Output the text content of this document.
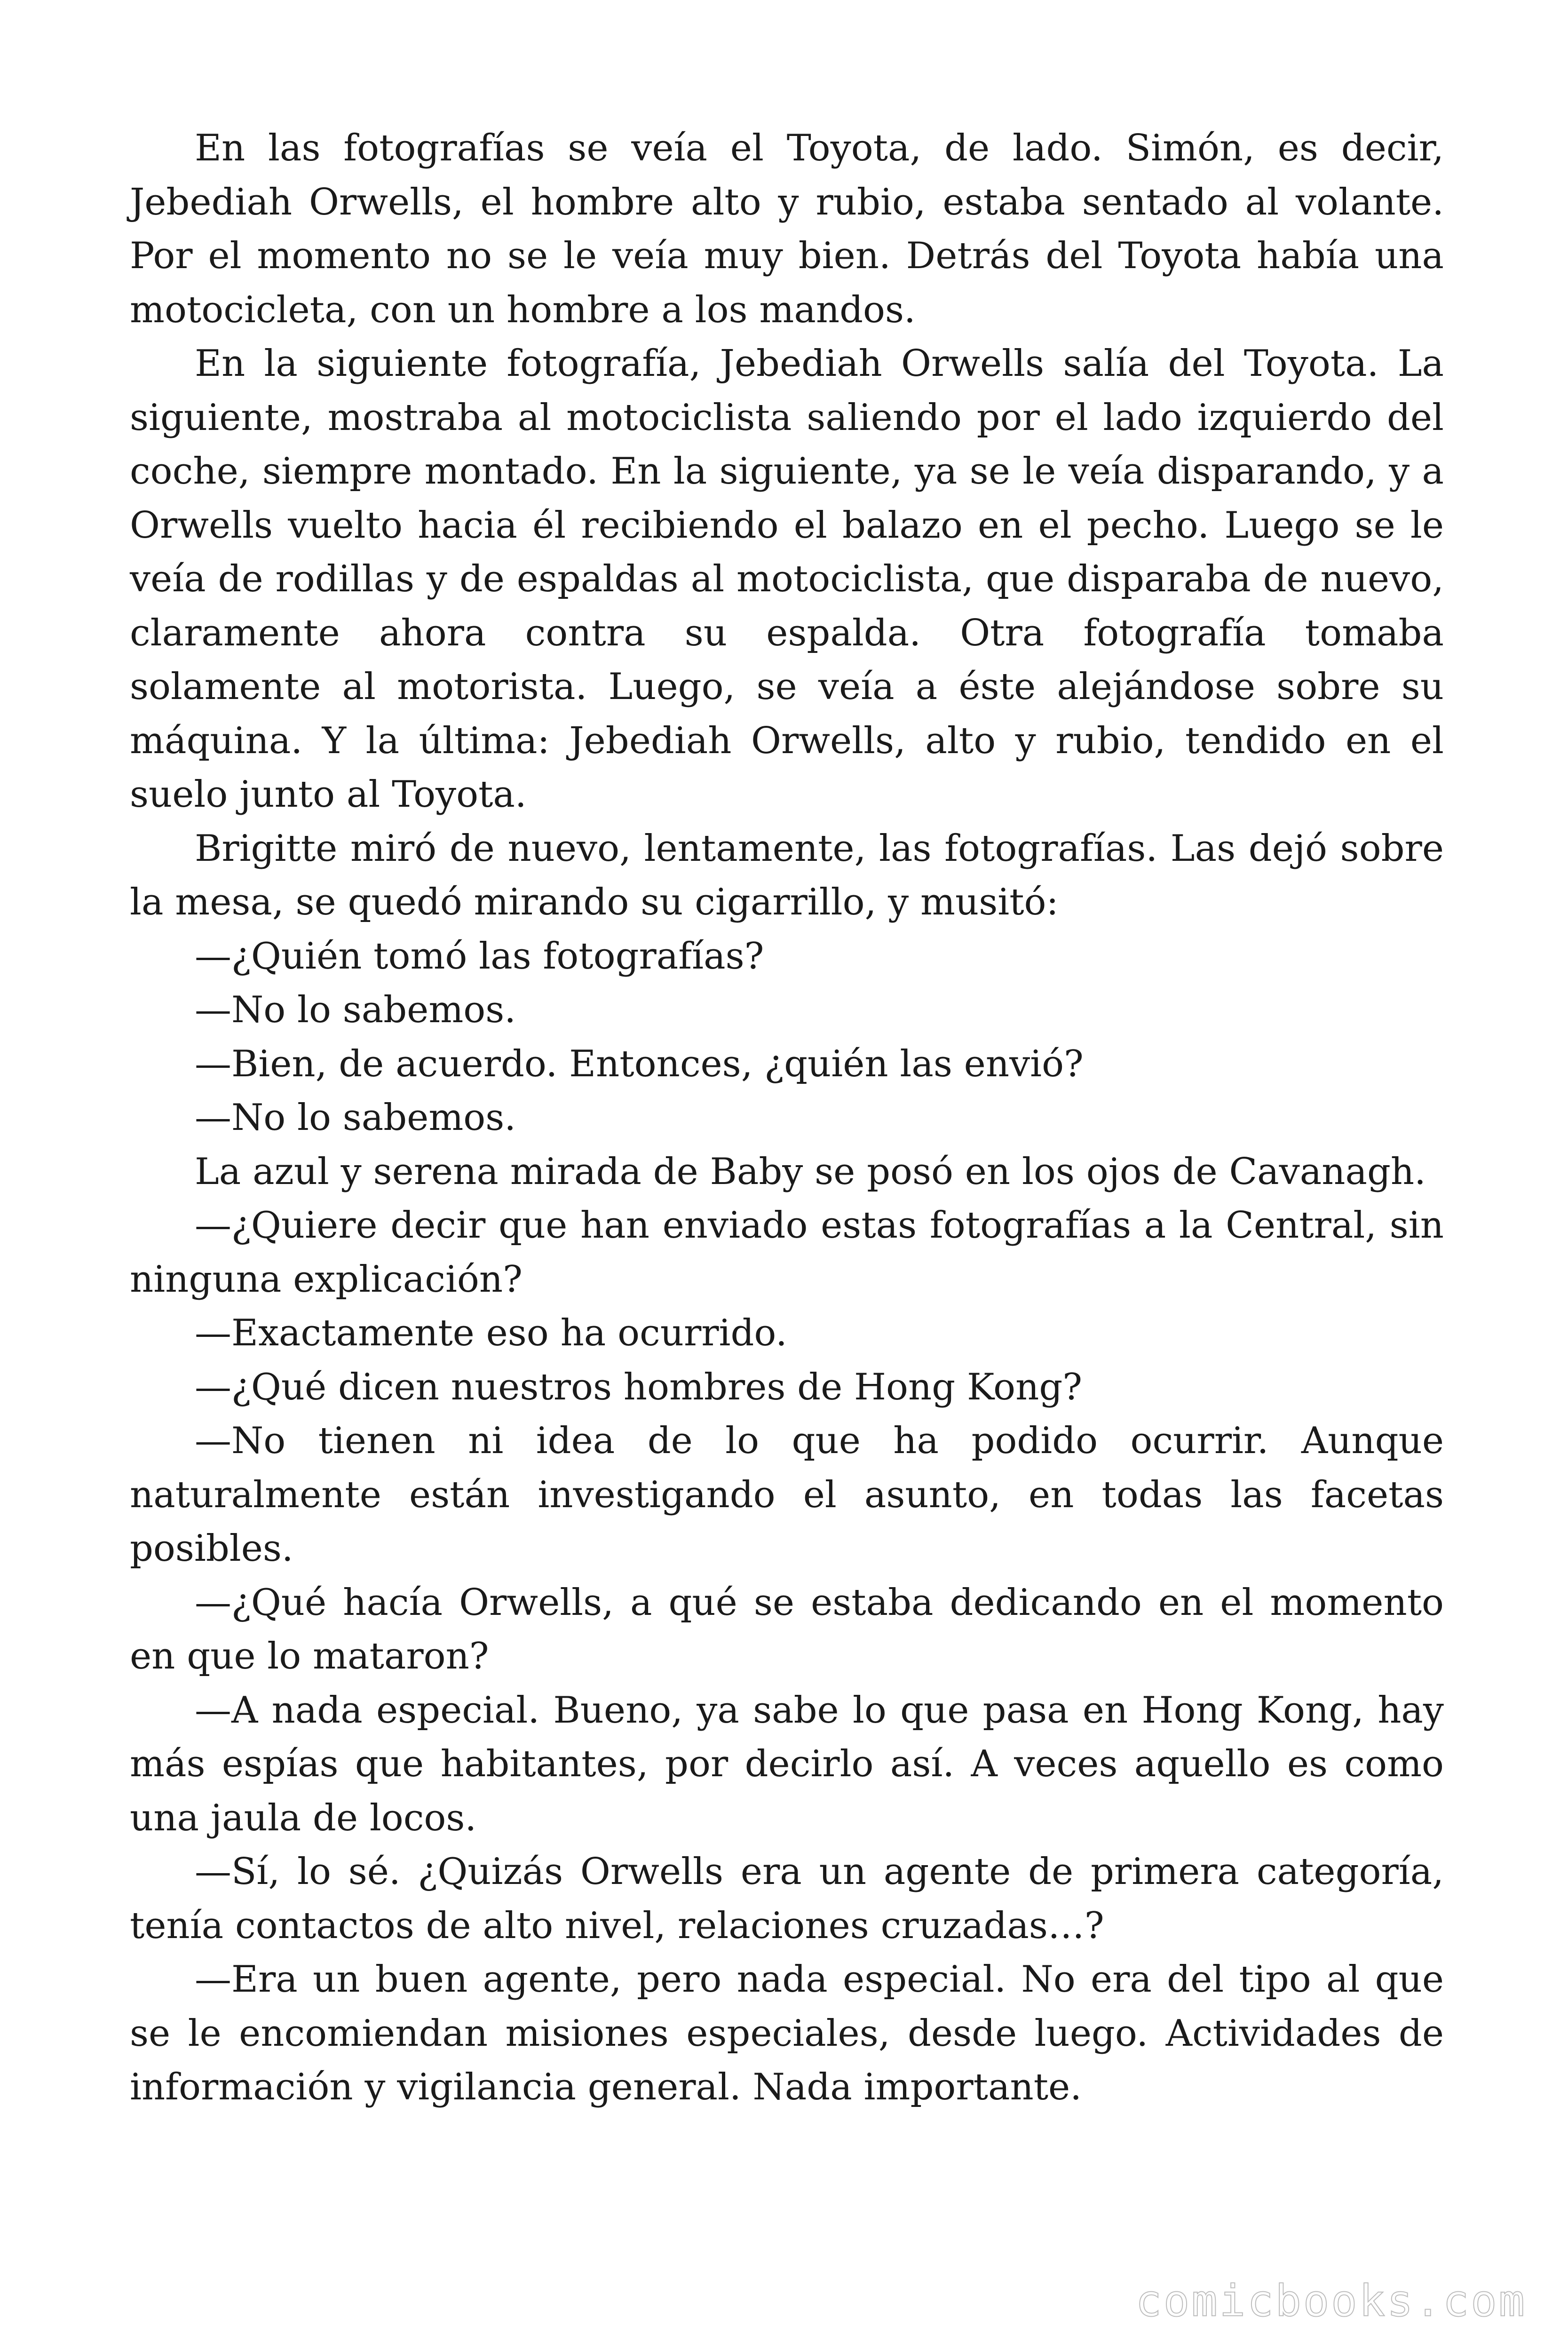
En las fotografías se veía el Toyota, de lado. Simón, es decir, Jebediah Orwells, el hombre alto y rubio, estaba sentado al volante. Por el momento no se le veía muy bien. Detrás del Toyota había una motocicleta, con un hombre a los mandos.

En la siguiente fotografía, Jebediah Orwells salía del Toyota. La siguiente, mostraba al motociclista saliendo por el lado izquierdo del coche, siempre montado. En la siguiente, ya se le veía disparando, y a Orwells vuelto hacia él recibiendo el balazo en el pecho. Luego se le veía de rodillas y de espaldas al motociclista, que disparaba de nuevo, claramente ahora contra su espalda. Otra fotografía tomaba solamente al motorista. Luego, se veía a éste alejándose sobre su máquina. Y la última: Jebediah Orwells, alto y rubio, tendido en el suelo junto al Toyota.

Brigitte miró de nuevo, lentamente, las fotografías. Las dejó sobre la mesa, se quedó mirando su cigarrillo, y musitó:

—¿Quién tomó las fotografías?

—No lo sabemos.

—Bien, de acuerdo. Entonces, ¿quién las envió?

—No lo sabemos.

La azul y serena mirada de Baby se posó en los ojos de Cavanagh.

—¿Quiere decir que han enviado estas fotografías a la Central, sin ninguna explicación?

—Exactamente eso ha ocurrido.

—¿Qué dicen nuestros hombres de Hong Kong?

—No tienen ni idea de lo que ha podido ocurrir. Aunque naturalmente están investigando el asunto, en todas las facetas posibles.

—¿Qué hacía Orwells, a qué se estaba dedicando en el momento en que lo mataron?

—A nada especial. Bueno, ya sabe lo que pasa en Hong Kong, hay más espías que habitantes, por decirlo así. A veces aquello es como una jaula de locos.

—Sí, lo sé. ¿Quizás Orwells era un agente de primera categoría, tenía contactos de alto nivel, relaciones cruzadas…?

—Era un buen agente, pero nada especial. No era del tipo al que se le encomiendan misiones especiales, desde luego. Actividades de información y vigilancia general. Nada importante.

comicbooks.com
